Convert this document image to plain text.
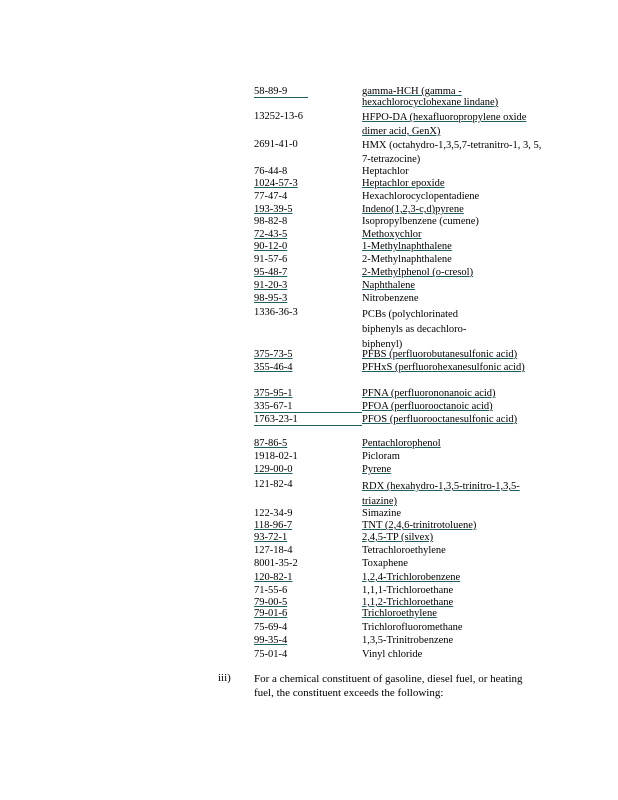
58-89-9	gamma-HCH (gamma - hexachlorocyclohexane lindane)
13252-13-6	HFPO-DA (hexafluoropropylene oxide dimer acid, GenX)
2691-41-0	HMX (octahydro-1,3,5,7-tetranitro-1, 3, 5, 7-tetrazocine)
76-44-8	Heptachlor
1024-57-3	Heptachlor epoxide
77-47-4	Hexachlorocyclopentadiene
193-39-5	Indeno(1,2,3-c,d)pyrene
98-82-8	Isopropylbenzene (cumene)
72-43-5	Methoxychlor
90-12-0	1-Methylnaphthalene
91-57-6	2-Methylnaphthalene
95-48-7	2-Methylphenol (o-cresol)
91-20-3	Naphthalene
98-95-3	Nitrobenzene
1336-36-3	PCBs (polychlorinated biphenyls as decachloro-biphenyl)
375-73-5	PFBS (perfluorobutanesulfonic acid)
355-46-4	PFHxS (perfluorohexanesulfonic acid)
375-95-1	PFNA (perfluorononanoic acid)
335-67-1	PFOA (perfluorooctanoic acid)
1763-23-1	PFOS (perfluorooctanesulfonic acid)
87-86-5	Pentachlorophenol
1918-02-1	Picloram
129-00-0	Pyrene
121-82-4	RDX (hexahydro-1,3,5-trinitro-1,3,5-triazine)
122-34-9	Simazine
118-96-7	TNT (2,4,6-trinitrotoluene)
93-72-1	2,4,5-TP (silvex)
127-18-4	Tetrachloroethylene
8001-35-2	Toxaphene
120-82-1	1,2,4-Trichlorobenzene
71-55-6	1,1,1-Trichloroethane
79-00-5	1,1,2-Trichloroethane
79-01-6	Trichloroethylene
75-69-4	Trichlorofluoromethane
99-35-4	1,3,5-Trinitrobenzene
75-01-4	Vinyl chloride
iii) For a chemical constituent of gasoline, diesel fuel, or heating fuel, the constituent exceeds the following:
